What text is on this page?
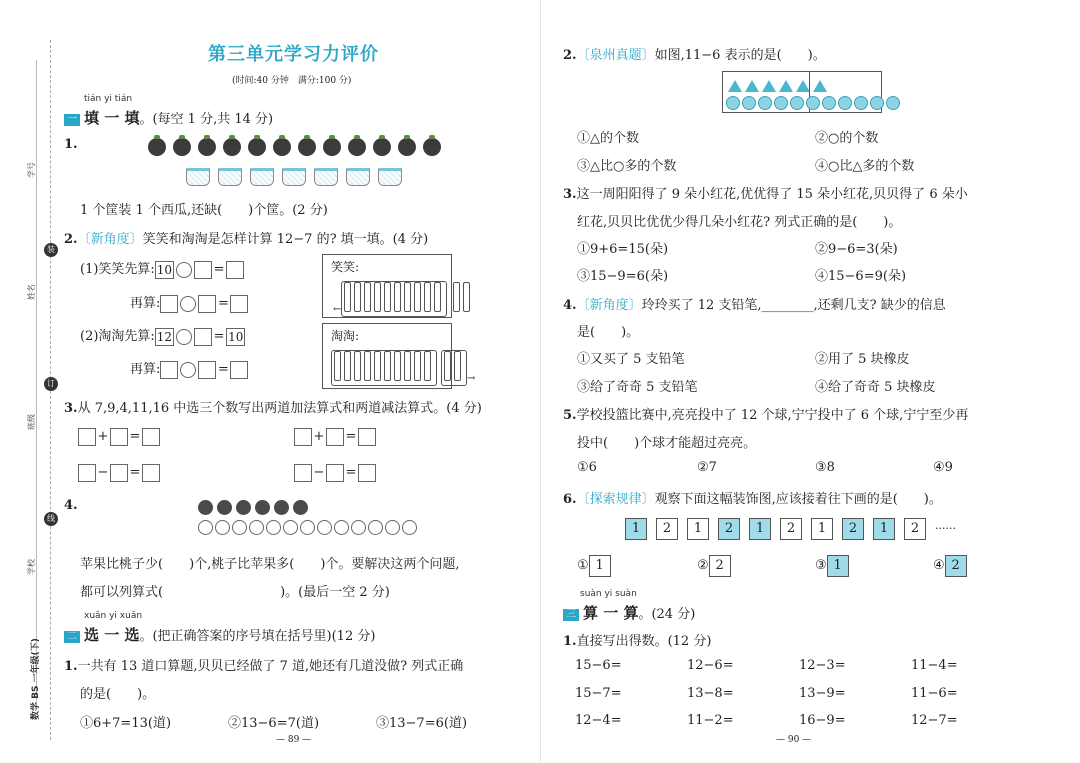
学号
姓名
班级
学校
装
订
线
数学 BS 一年级(下)
第三单元学习力评价
(时间:40 分钟　满分:100 分)
tián yi tián
一 填 一 填。(每空 1 分,共 14 分)
1.
1 个筐装 1 个西瓜,还缺(　　)个筐。(2 分)
2.〔新角度〕笑笑和淘淘是怎样计算 12−7 的? 填一填。(4 分)
(1)笑笑先算: 10	=
再算:	=
(2)淘淘先算: 12	= 10
再算:	=
笑笑:
←
淘淘:
→
3.从 7,9,4,11,16 中选三个数写出两道加法算式和两道减法算式。(4 分)
+ =	+ =
− =	− =
4.
苹果比桃子少(　　)个,桃子比苹果多(　　)个。要解决这两个问题,
都可以列算式(　　　　　　　　　)。(最后一空 2 分)
xuǎn yi xuǎn
二 选 一 选。(把正确答案的序号填在括号里)(12 分)
1.一共有 13 道口算题,贝贝已经做了 7 道,她还有几道没做? 列式正确
的是(　　)。
①6+7=13(道)	②13−6=7(道)	③13−7=6(道)
— 89 —
2.〔泉州真题〕如图,11−6 表示的是(　　)。
①△的个数	②○的个数
③△比○多的个数	④○比△多的个数
3.这一周阳阳得了 9 朵小红花,优优得了 15 朵小红花,贝贝得了 6 朵小
红花,贝贝比优优少得几朵小红花? 列式正确的是(　　)。
①9+6=15(朵)	②9−6=3(朵)
③15−9=6(朵)	④15−6=9(朵)
4.〔新角度〕玲玲买了 12 支铅笔,________,还剩几支? 缺少的信息
是(　　)。
①又买了 5 支铅笔	②用了 5 块橡皮
③给了奇奇 5 支铅笔	④给了奇奇 5 块橡皮
5.学校投篮比赛中,亮亮投中了 12 个球,宁宁投中了 6 个球,宁宁至少再
投中(　　)个球才能超过亮亮。
①6	②7	③8	④9
6.〔探索规律〕观察下面这幅装饰图,应该接着往下画的是(　　)。
1 2 1 2 1 2 1 2 1 2 ······
① 1	② 2	③ 1	④ 2
suàn yi suàn
三 算 一 算。(24 分)
1.直接写出得数。(12 分)
15−6=	12−6=	12−3=	11−4=
15−7=	13−8=	13−9=	11−6=
12−4=	11−2=	16−9=	12−7=
— 90 —
